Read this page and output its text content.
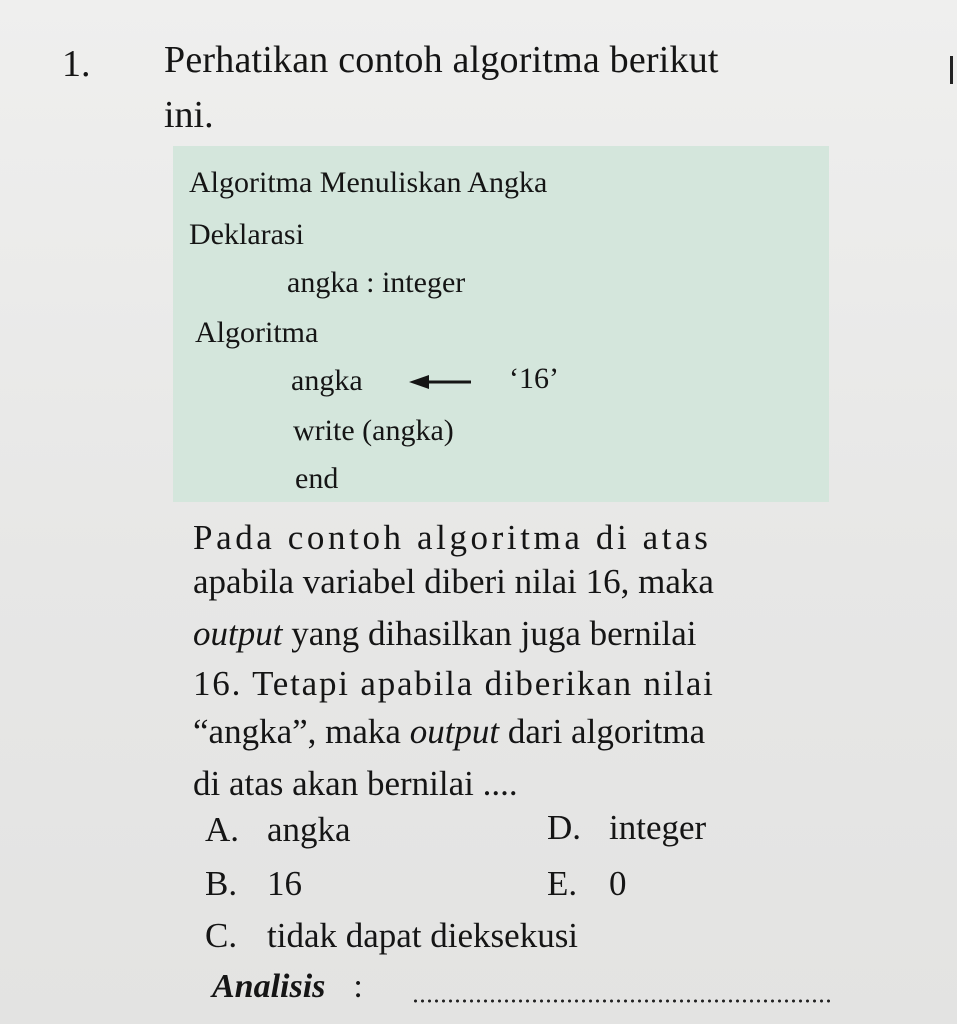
1. Perhatikan contoh algoritma berikut
ini.
Algoritma Menuliskan Angka
Deklarasi
angka : integer
Algoritma
angka	‘16’
write (angka)
end
Pada contoh algoritma di atas
apabila variabel diberi nilai 16, maka
output yang dihasilkan juga bernilai
16. Tetapi apabila diberikan nilai
“angka”, maka output dari algoritma
di atas akan bernilai ....
A. angka
B. 16
C. tidak dapat dieksekusi
D. integer
E. 0
Analisis :
